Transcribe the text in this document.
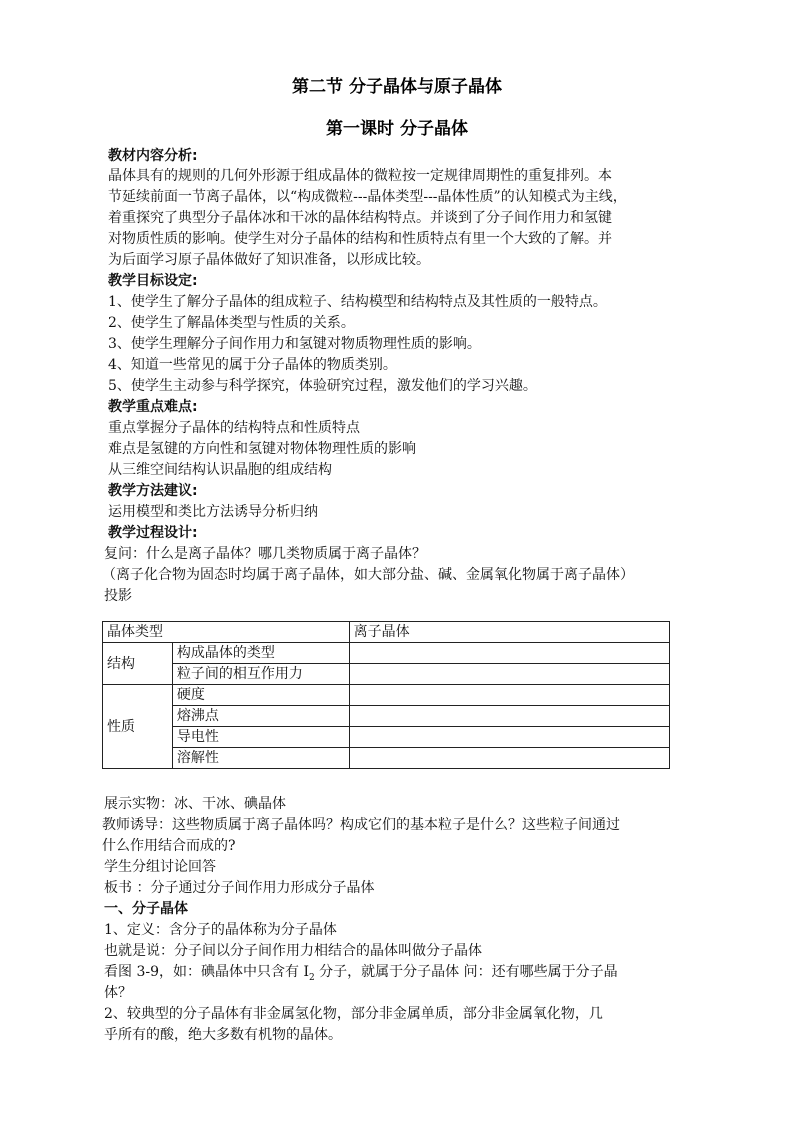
第二节 分子晶体与原子晶体
第一课时 分子晶体
教材内容分析:
晶体具有的规则的几何外形源于组成晶体的微粒按一定规律周期性的重复排列。本
节延续前面一节离子晶体，以“构成微粒---晶体类型---晶体性质”的认知模式为主线，
着重探究了典型分子晶体冰和干冰的晶体结构特点。并谈到了分子间作用力和氢键
对物质性质的影响。使学生对分子晶体的结构和性质特点有里一个大致的了解。并
为后面学习原子晶体做好了知识准备，以形成比较。
教学目标设定:
1、使学生了解分子晶体的组成粒子、结构模型和结构特点及其性质的一般特点。
2、使学生了解晶体类型与性质的关系。
3、使学生理解分子间作用力和氢键对物质物理性质的影响。
4、知道一些常见的属于分子晶体的物质类别。
5、使学生主动参与科学探究，体验研究过程，激发他们的学习兴趣。
教学重点难点:
重点掌握分子晶体的结构特点和性质特点
难点是氢键的方向性和氢键对物体物理性质的影响
从三维空间结构认识晶胞的组成结构
教学方法建议:
运用模型和类比方法诱导分析归纳
教学过程设计:
复问：什么是离子晶体？哪几类物质属于离子晶体？
（离子化合物为固态时均属于离子晶体，如大部分盐、碱、金属氧化物属于离子晶体）
投影
晶体类型		离子晶体
结构	构成晶体的类型	
	粒子间的相互作用力	
性质	硬度	
	熔沸点	
	导电性	
	溶解性	
展示实物：冰、干冰、碘晶体
教师诱导：这些物质属于离子晶体吗？构成它们的基本粒子是什么？这些粒子间通过
什么作用结合而成的?
学生分组讨论回答
板书 ：分子通过分子间作用力形成分子晶体
一、分子晶体
1、定义：含分子的晶体称为分子晶体
也就是说：分子间以分子间作用力相结合的晶体叫做分子晶体
看图 3-9，如：碘晶体中只含有 $I_2$ 分子，就属于分子晶体 问：还有哪些属于分子晶
体？
2、较典型的分子晶体有非金属氢化物，部分非金属单质，部分非金属氧化物，几
乎所有的酸，绝大多数有机物的晶体。
